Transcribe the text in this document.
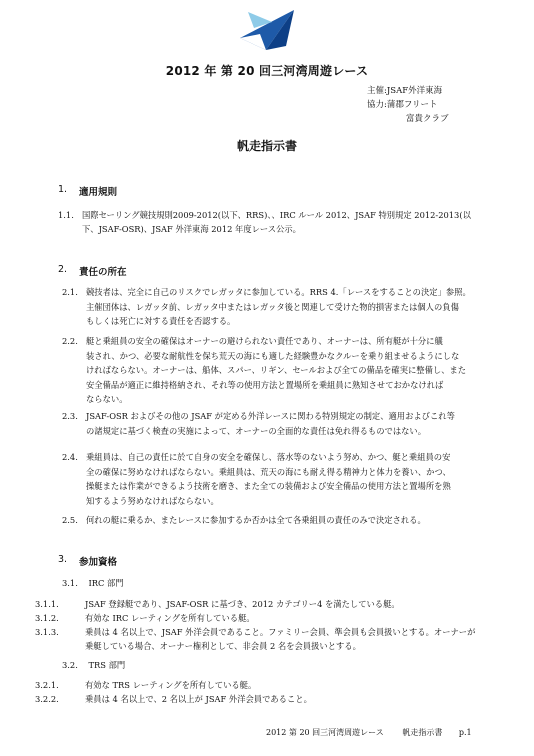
2012 年 第 20 回三河湾周遊レース
主催:JSAF外洋東海
協力:蒲郡フリート
富貴クラブ
帆走指示書
1. 適用規則
1.1. 国際セーリング競技規則2009-2012(以下、RRS)、、IRC ルール 2012、JSAF 特別規定 2012-2013(以
下、JSAF-OSR)、JSAF 外洋東海 2012 年度レース公示。
2. 責任の所在
2.1. 競技者は、完全に自己のリスクでレガッタに参加している。RRS 4.「レースをすることの決定」参照。
主催団体は、レガッタ前、レガッタ中またはレガッタ後と関連して受けた物的損害または個人の負傷
もしくは死亡に対する責任を否認する。
2.2. 艇と乗組員の安全の確保はオーナーの避けられない責任であり、オーナーは、所有艇が十分に艤
装され、かつ、必要な耐航性を保ち荒天の海にも適した経験豊かなクルーを乗り組ませるようにしな
ければならない。オーナーは、船体、スパー、リギン、セールおよび全ての備品を確実に整備し、また
安全備品が適正に維持格納され、それ等の使用方法と置場所を乗組員に熟知させておかなければ
ならない。
2.3. JSAF-OSR およびその他の JSAF が定める外洋レースに関わる特別規定の制定、適用およびこれ等
の諸規定に基づく検査の実施によって、オーナーの全面的な責任は免れ得るものではない。
2.4. 乗組員は、自己の責任に於て自身の安全を確保し、落水等のないよう努め、かつ、艇と乗組員の安
全の確保に努めなければならない。乗組員は、荒天の海にも耐え得る精神力と体力を養い、かつ、
操艇または作業ができるよう技術を磨き、また全ての装備および安全備品の使用方法と置場所を熟
知するよう努めなければならない。
2.5. 何れの艇に乗るか、またレースに参加するか否かは全て各乗組員の責任のみで決定される。
3. 参加資格
3.1. IRC 部門
3.1.1.	JSAF 登録艇であり、JSAF-OSR に基づき、2012 カテゴリー4 を満たしている艇。
3.1.2.	有効な IRC レーティングを所有している艇。
3.1.3.	乗員は 4 名以上で、JSAF 外洋会員であること。ファミリー会員、準会員も会員扱いとする。オーナーが
乗艇している場合、オーナー権利として、非会員 2 名を会員扱いとする。
3.2. TRS 部門
3.2.1.	有効な TRS レーティングを所有している艇。
3.2.2.	乗員は 4 名以上で、2 名以上が JSAF 外洋会員であること。
2012 第 20 回三河湾周遊レース 帆走指示書 p.1
